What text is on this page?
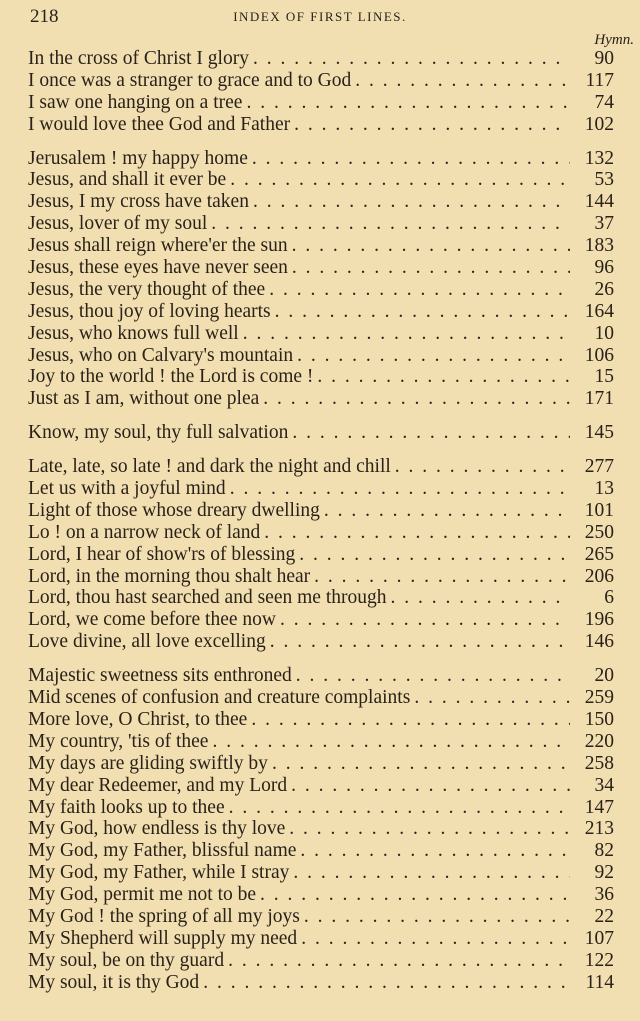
218	INDEX OF FIRST LINES.
Hymn.
In the cross of Christ I glory . . .	90
I once was a stranger to grace and to God . . .	117
I saw one hanging on a tree . . .	74
I would love thee God and Father . . .	102
Jerusalem ! my happy home . . .	132
Jesus, and shall it ever be . . .	53
Jesus, I my cross have taken . . .	144
Jesus, lover of my soul . . .	37
Jesus shall reign where'er the sun . . .	183
Jesus, these eyes have never seen . . .	96
Jesus, the very thought of thee . . .	26
Jesus, thou joy of loving hearts . . .	164
Jesus, who knows full well . . .	10
Jesus, who on Calvary's mountain . . .	106
Joy to the world ! the Lord is come ! . . .	15
Just as I am, without one plea . . .	171
Know, my soul, thy full salvation . . .	145
Late, late, so late ! and dark the night and chill . . .	277
Let us with a joyful mind . . .	13
Light of those whose dreary dwelling . . .	101
Lo ! on a narrow neck of land . . .	250
Lord, I hear of show'rs of blessing . . .	265
Lord, in the morning thou shalt hear . . .	206
Lord, thou hast searched and seen me through . . .	6
Lord, we come before thee now . . .	196
Love divine, all love excelling . . .	146
Majestic sweetness sits enthroned . . .	20
Mid scenes of confusion and creature complaints . . .	259
More love, O Christ, to thee . . .	150
My country, 'tis of thee . . .	220
My days are gliding swiftly by . . .	258
My dear Redeemer, and my Lord . . .	34
My faith looks up to thee . . .	147
My God, how endless is thy love . . .	213
My God, my Father, blissful name . . .	82
My God, my Father, while I stray . . .	92
My God, permit me not to be . . .	36
My God ! the spring of all my joys . . .	22
My Shepherd will supply my need . . .	107
My soul, be on thy guard . . .	122
My soul, it is thy God . . .	114
